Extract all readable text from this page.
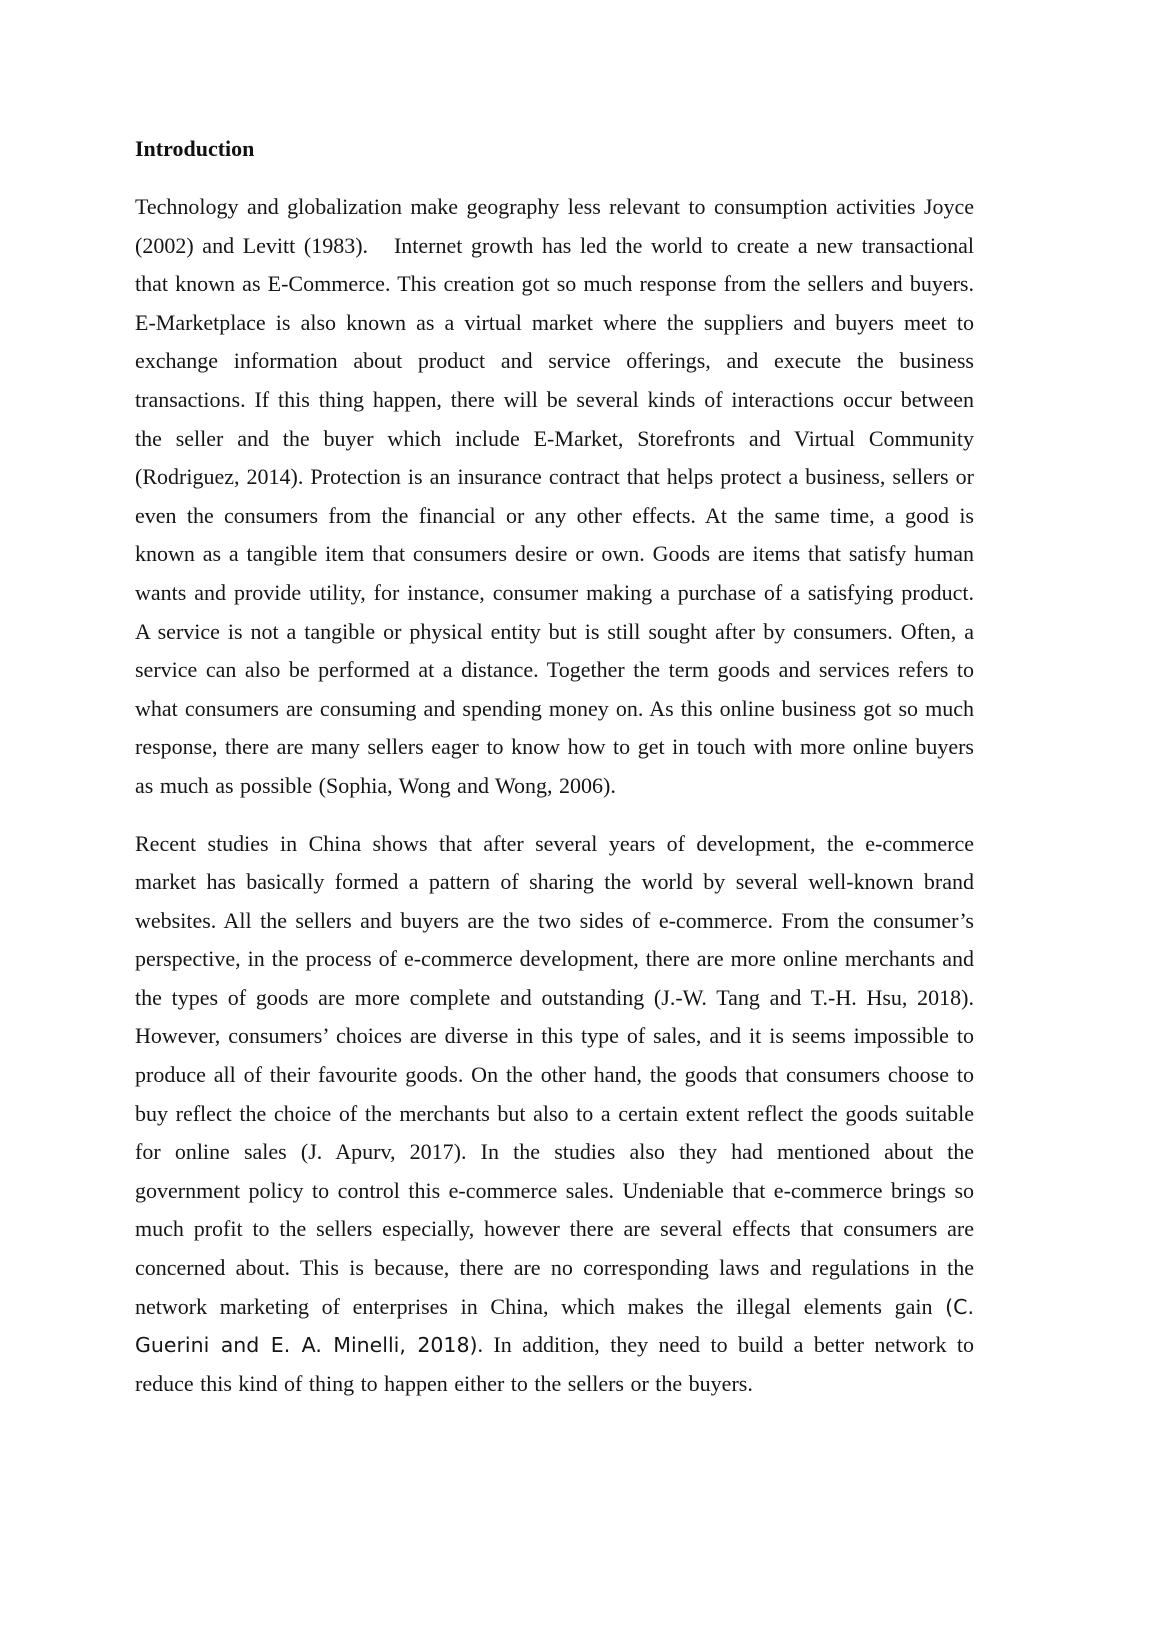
Introduction

Technology and globalization make geography less relevant to consumption activities Joyce (2002) and Levitt (1983).   Internet growth has led the world to create a new transactional that known as E-Commerce. This creation got so much response from the sellers and buyers. E-Marketplace is also known as a virtual market where the suppliers and buyers meet to exchange information about product and service offerings, and execute the business transactions. If this thing happen, there will be several kinds of interactions occur between the seller and the buyer which include E-Market, Storefronts and Virtual Community (Rodriguez, 2014). Protection is an insurance contract that helps protect a business, sellers or even the consumers from the financial or any other effects. At the same time, a good is known as a tangible item that consumers desire or own. Goods are items that satisfy human wants and provide utility, for instance, consumer making a purchase of a satisfying product. A service is not a tangible or physical entity but is still sought after by consumers. Often, a service can also be performed at a distance. Together the term goods and services refers to what consumers are consuming and spending money on. As this online business got so much response, there are many sellers eager to know how to get in touch with more online buyers as much as possible (Sophia, Wong and Wong, 2006).

Recent studies in China shows that after several years of development, the e-commerce market has basically formed a pattern of sharing the world by several well-known brand websites. All the sellers and buyers are the two sides of e-commerce. From the consumer’s perspective, in the process of e-commerce development, there are more online merchants and the types of goods are more complete and outstanding (J.-W. Tang and T.-H. Hsu, 2018). However, consumers’ choices are diverse in this type of sales, and it is seems impossible to produce all of their favourite goods. On the other hand, the goods that consumers choose to buy reflect the choice of the merchants but also to a certain extent reflect the goods suitable for online sales (J. Apurv, 2017). In the studies also they had mentioned about the government policy to control this e-commerce sales. Undeniable that e-commerce brings so much profit to the sellers especially, however there are several effects that consumers are concerned about. This is because, there are no corresponding laws and regulations in the network marketing of enterprises in China, which makes the illegal elements gain (C. Guerini and E. A. Minelli, 2018). In addition, they need to build a better network to reduce this kind of thing to happen either to the sellers or the buyers.
